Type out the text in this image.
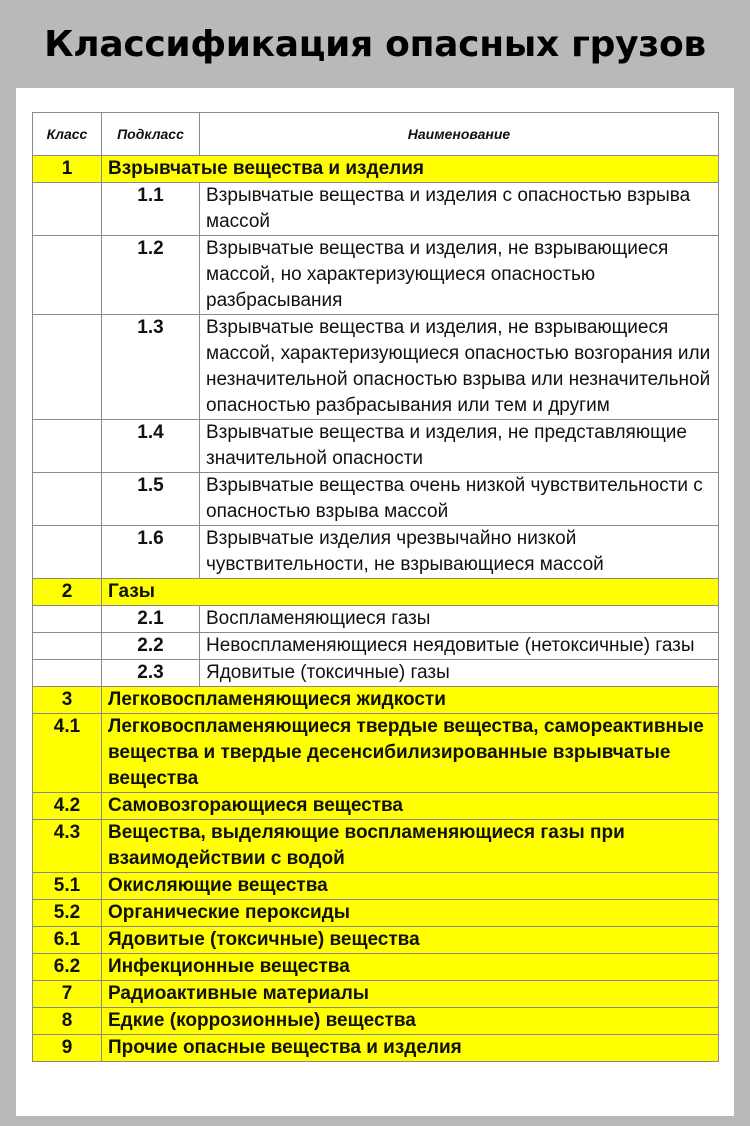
Классификация опасных грузов
Класс	Подкласс	Наименование
1	Взрывчатые вещества и изделия	
	1.1	Взрывчатые вещества и изделия с опасностью взрыва массой
	1.2	Взрывчатые вещества и изделия, не взрывающиеся массой, но характеризующиеся опасностью разбрасывания
	1.3	Взрывчатые вещества и изделия, не взрывающиеся массой, характеризующиеся опасностью возгорания или незначительной опасностью взрыва или незначительной опасностью разбрасывания или тем и другим
	1.4	Взрывчатые вещества и изделия, не представляющие значительной опасности
	1.5	Взрывчатые вещества очень низкой чувствительности с опасностью взрыва массой
	1.6	Взрывчатые изделия чрезвычайно низкой чувствительности, не взрывающиеся массой
2	Газы	
	2.1	Воспламеняющиеся газы
	2.2	Невоспламеняющиеся неядовитые (нетоксичные) газы
	2.3	Ядовитые (токсичные) газы
3	Легковоспламеняющиеся жидкости	
4.1	Легковоспламеняющиеся твердые вещества, самореактивные вещества и твердые десенсибилизированные взрывчатые вещества	
4.2	Самовозгорающиеся вещества	
4.3	Вещества, выделяющие воспламеняющиеся газы при взаимодействии с водой	
5.1	Окисляющие вещества	
5.2	Органические пероксиды	
6.1	Ядовитые (токсичные) вещества	
6.2	Инфекционные вещества	
7	Радиоактивные материалы	
8	Едкие (коррозионные) вещества	
9	Прочие опасные вещества и изделия	
